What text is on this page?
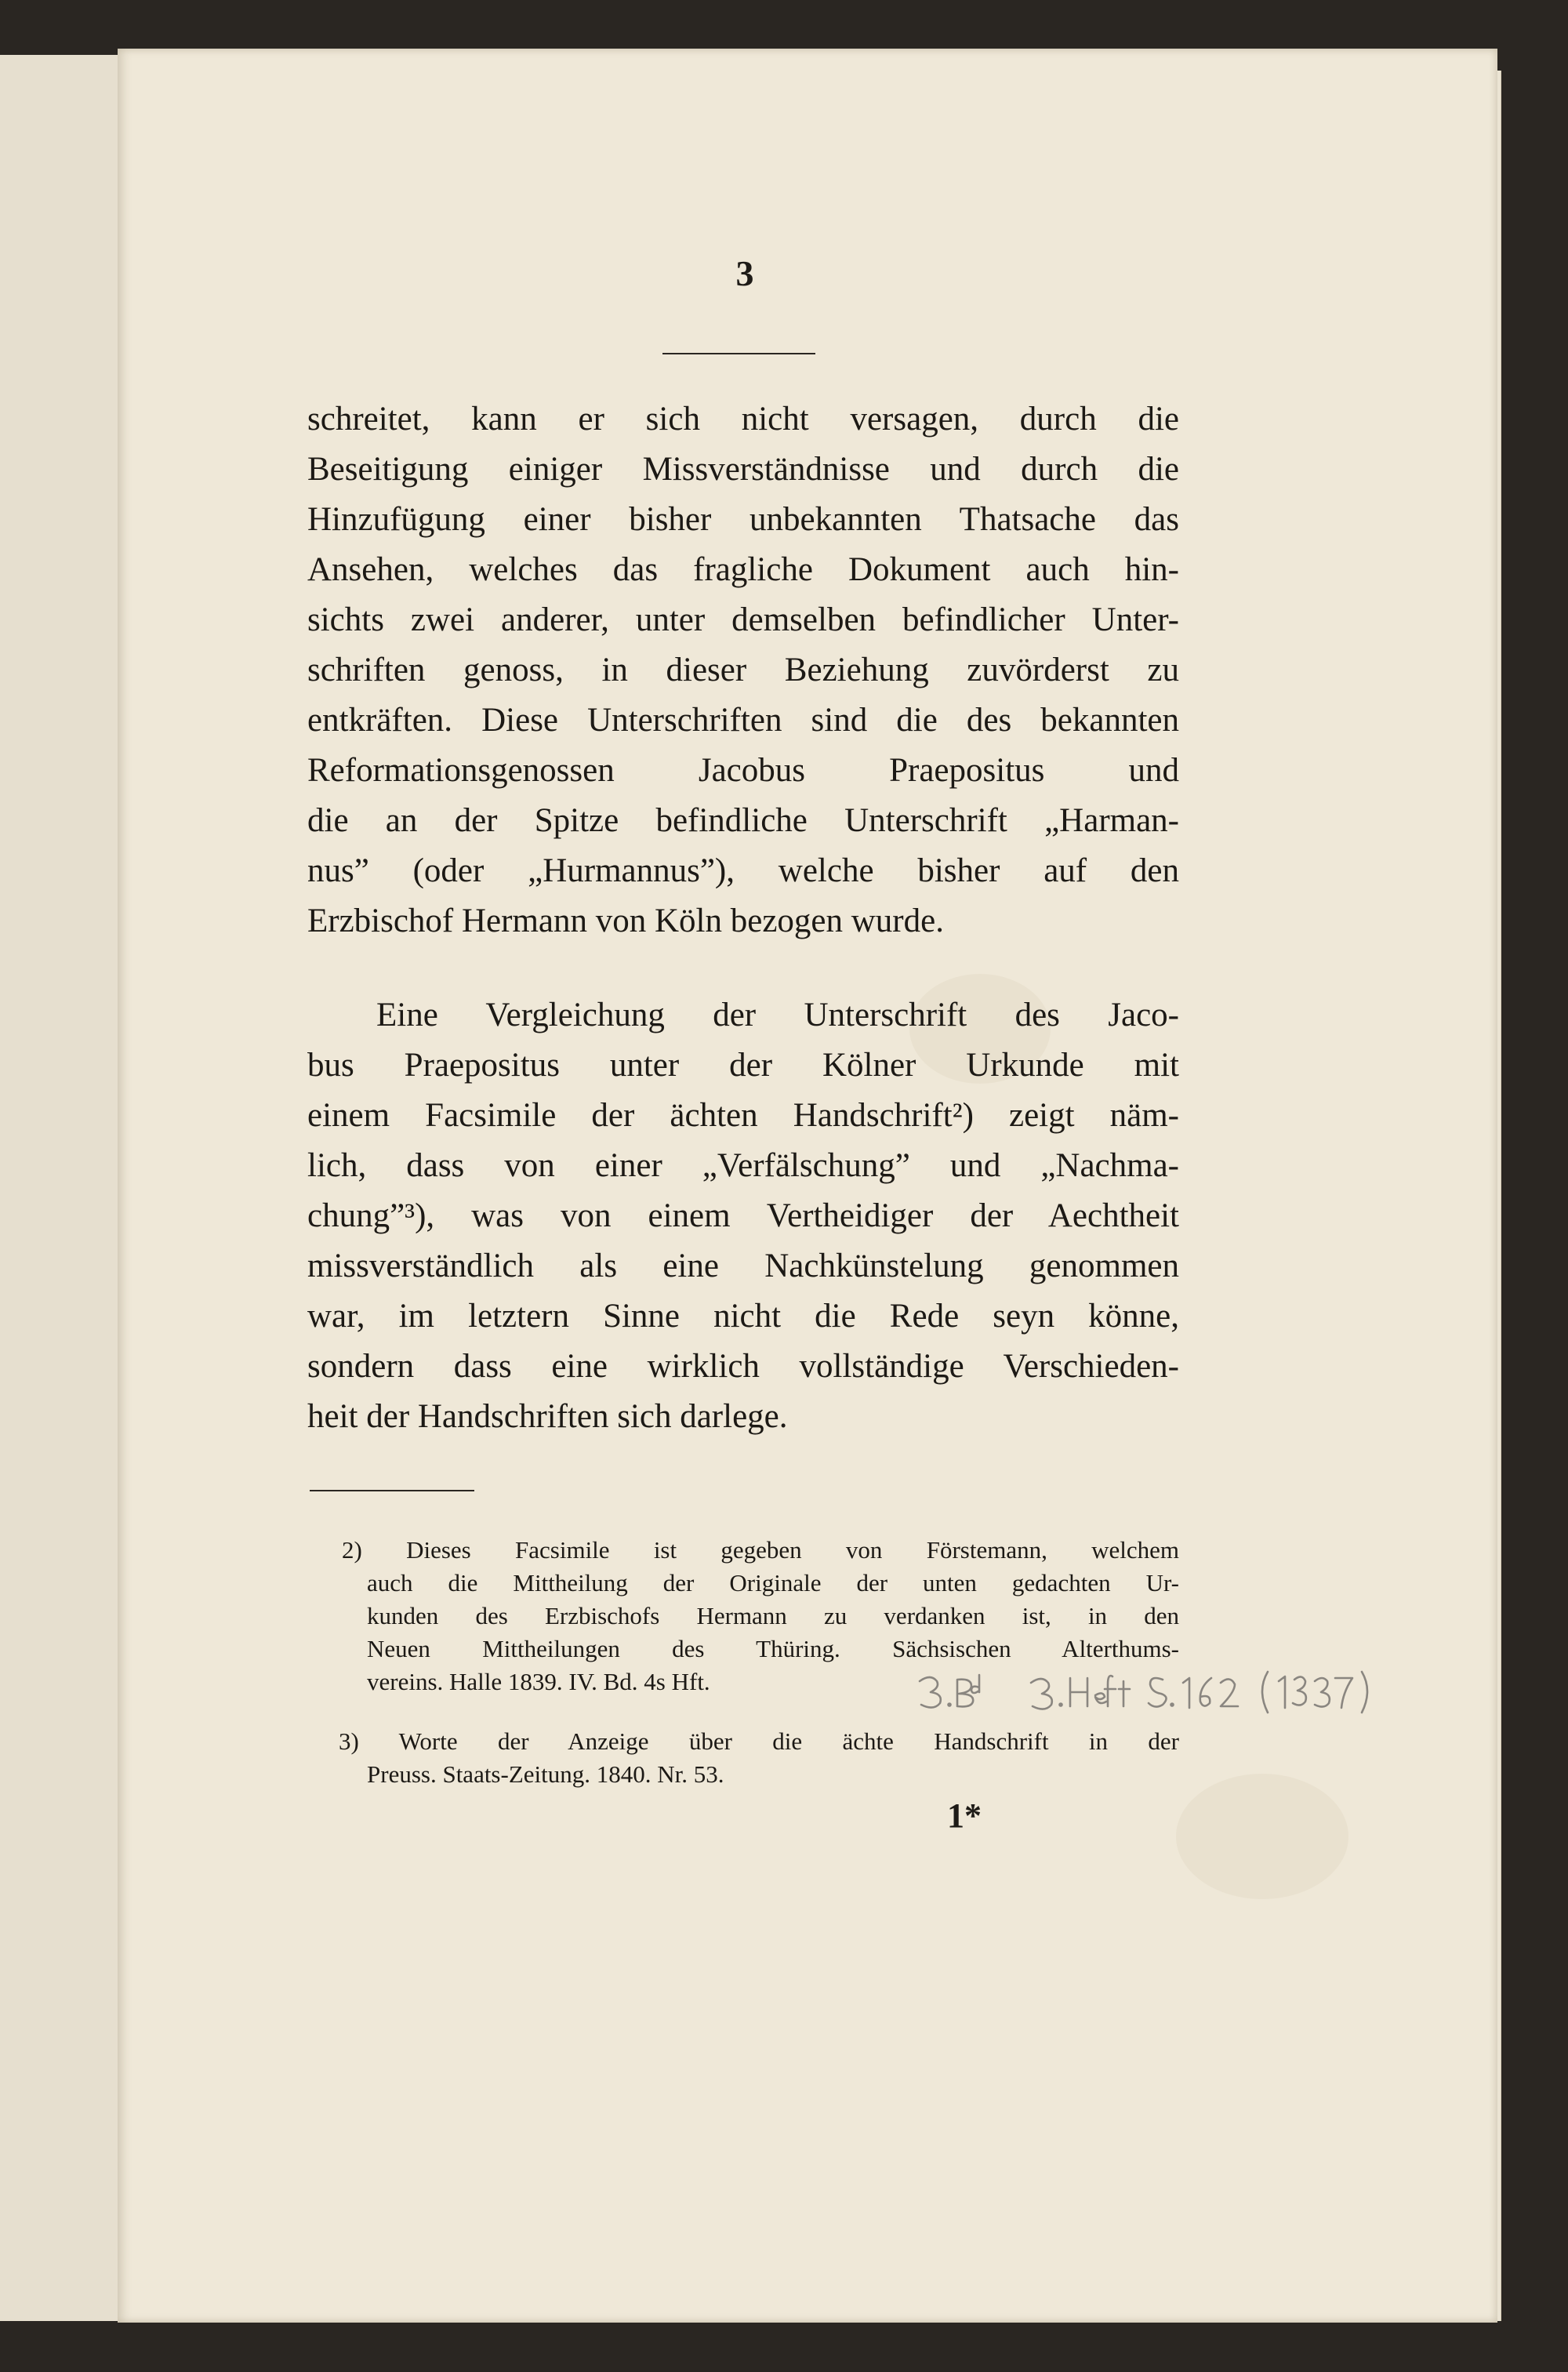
3
schreitet, kann er sich nicht versagen, durch die
Beseitigung einiger Missverständnisse und durch die
Hinzufügung einer bisher unbekannten Thatsache das
Ansehen, welches das fragliche Dokument auch hin-
sichts zwei anderer, unter demselben befindlicher Unter-
schriften genoss, in dieser Beziehung zuvörderst zu
entkräften. Diese Unterschriften sind die des bekannten
Reformationsgenossen Jacobus Praepositus und
die an der Spitze befindliche Unterschrift „Harman-
nus” (oder „Hurmannus”), welche bisher auf den
Erzbischof Hermann von Köln bezogen wurde.
Eine Vergleichung der Unterschrift des Jaco-
bus Praepositus unter der Kölner Urkunde mit
einem Facsimile der ächten Handschrift²) zeigt näm-
lich, dass von einer „Verfälschung” und „Nachma-
chung”³), was von einem Vertheidiger der Aechtheit
missverständlich als eine Nachkünstelung genommen
war, im letztern Sinne nicht die Rede seyn könne,
sondern dass eine wirklich vollständige Verschieden-
heit der Handschriften sich darlege.
2) Dieses Facsimile ist gegeben von Förstemann, welchem
auch die Mittheilung der Originale der unten gedachten Ur-
kunden des Erzbischofs Hermann zu verdanken ist, in den
Neuen Mittheilungen des Thüring. Sächsischen Alterthums-
vereins. Halle 1839. IV. Bd. 4s Hft.
3) Worte der Anzeige über die ächte Handschrift in der
Preuss. Staats-Zeitung. 1840. Nr. 53.
1*
